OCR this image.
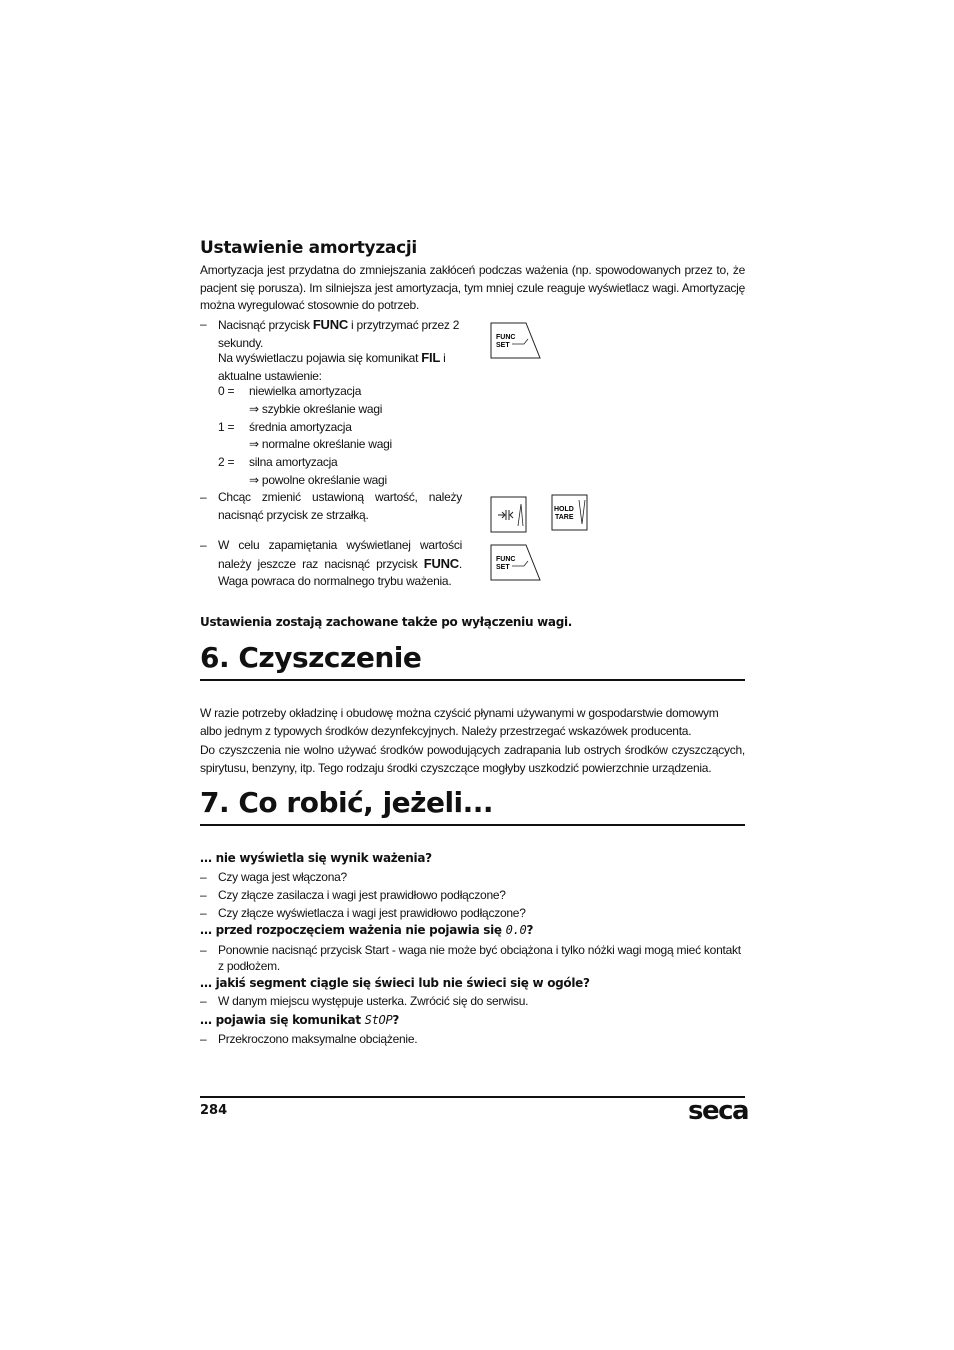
Ustawienie amortyzacji
Amortyzacja jest przydatna do zmniejszania zakłóceń podczas ważenia (np. spowodowanych przez to, że pacjent się porusza). Im silniejsza jest amortyzacja, tym mniej czule reaguje wyświetlacz wagi. Amortyzację można wyregulować stosownie do potrzeb.
– Nacisnąć przycisk FUNC i przytrzymać przez 2 sekundy.
Na wyświetlaczu pojawia się komunikat FIL i aktualne ustawienie:
0 = niewielka amortyzacja
⇒ szybkie określanie wagi
1 = średnia amortyzacja
⇒ normalne określanie wagi
2 = silna amortyzacja
⇒ powolne określanie wagi
– Chcąc zmienić ustawioną wartość, należy nacisnąć przycisk ze strzałką.
– W celu zapamiętania wyświetlanej wartości należy jeszcze raz nacisnąć przycisk FUNC. Waga powraca do normalnego trybu ważenia.
FUNC
SET
HOLD
TARE
FUNC
SET
Ustawienia zostają zachowane także po wyłączeniu wagi.
6. Czyszczenie
W razie potrzeby okładzinę i obudowę można czyścić płynami używanymi w gospodarstwie domowym
albo jednym z typowych środków dezynfekcyjnych. Należy przestrzegać wskazówek producenta.
Do czyszczenia nie wolno używać środków powodujących zadrapania lub ostrych środków czyszczących, spirytusu, benzyny, itp. Tego rodzaju środki czyszczące mogłyby uszkodzić powierzchnie urządzenia.
7. Co robić, jeżeli...
… nie wyświetla się wynik ważenia?
– Czy waga jest włączona?
– Czy złącze zasilacza i wagi jest prawidłowo podłączone?
– Czy złącze wyświetlacza i wagi jest prawidłowo podłączone?
… przed rozpoczęciem ważenia nie pojawia się 0.0?
– Ponownie nacisnąć przycisk Start - waga nie może być obciążona i tylko nóżki wagi mogą mieć kontakt z podłożem.
… jakiś segment ciągle się świeci lub nie świeci się w ogóle?
– W danym miejscu występuje usterka. Zwrócić się do serwisu.
… pojawia się komunikat StOP?
– Przekroczono maksymalne obciążenie.
284	seca
